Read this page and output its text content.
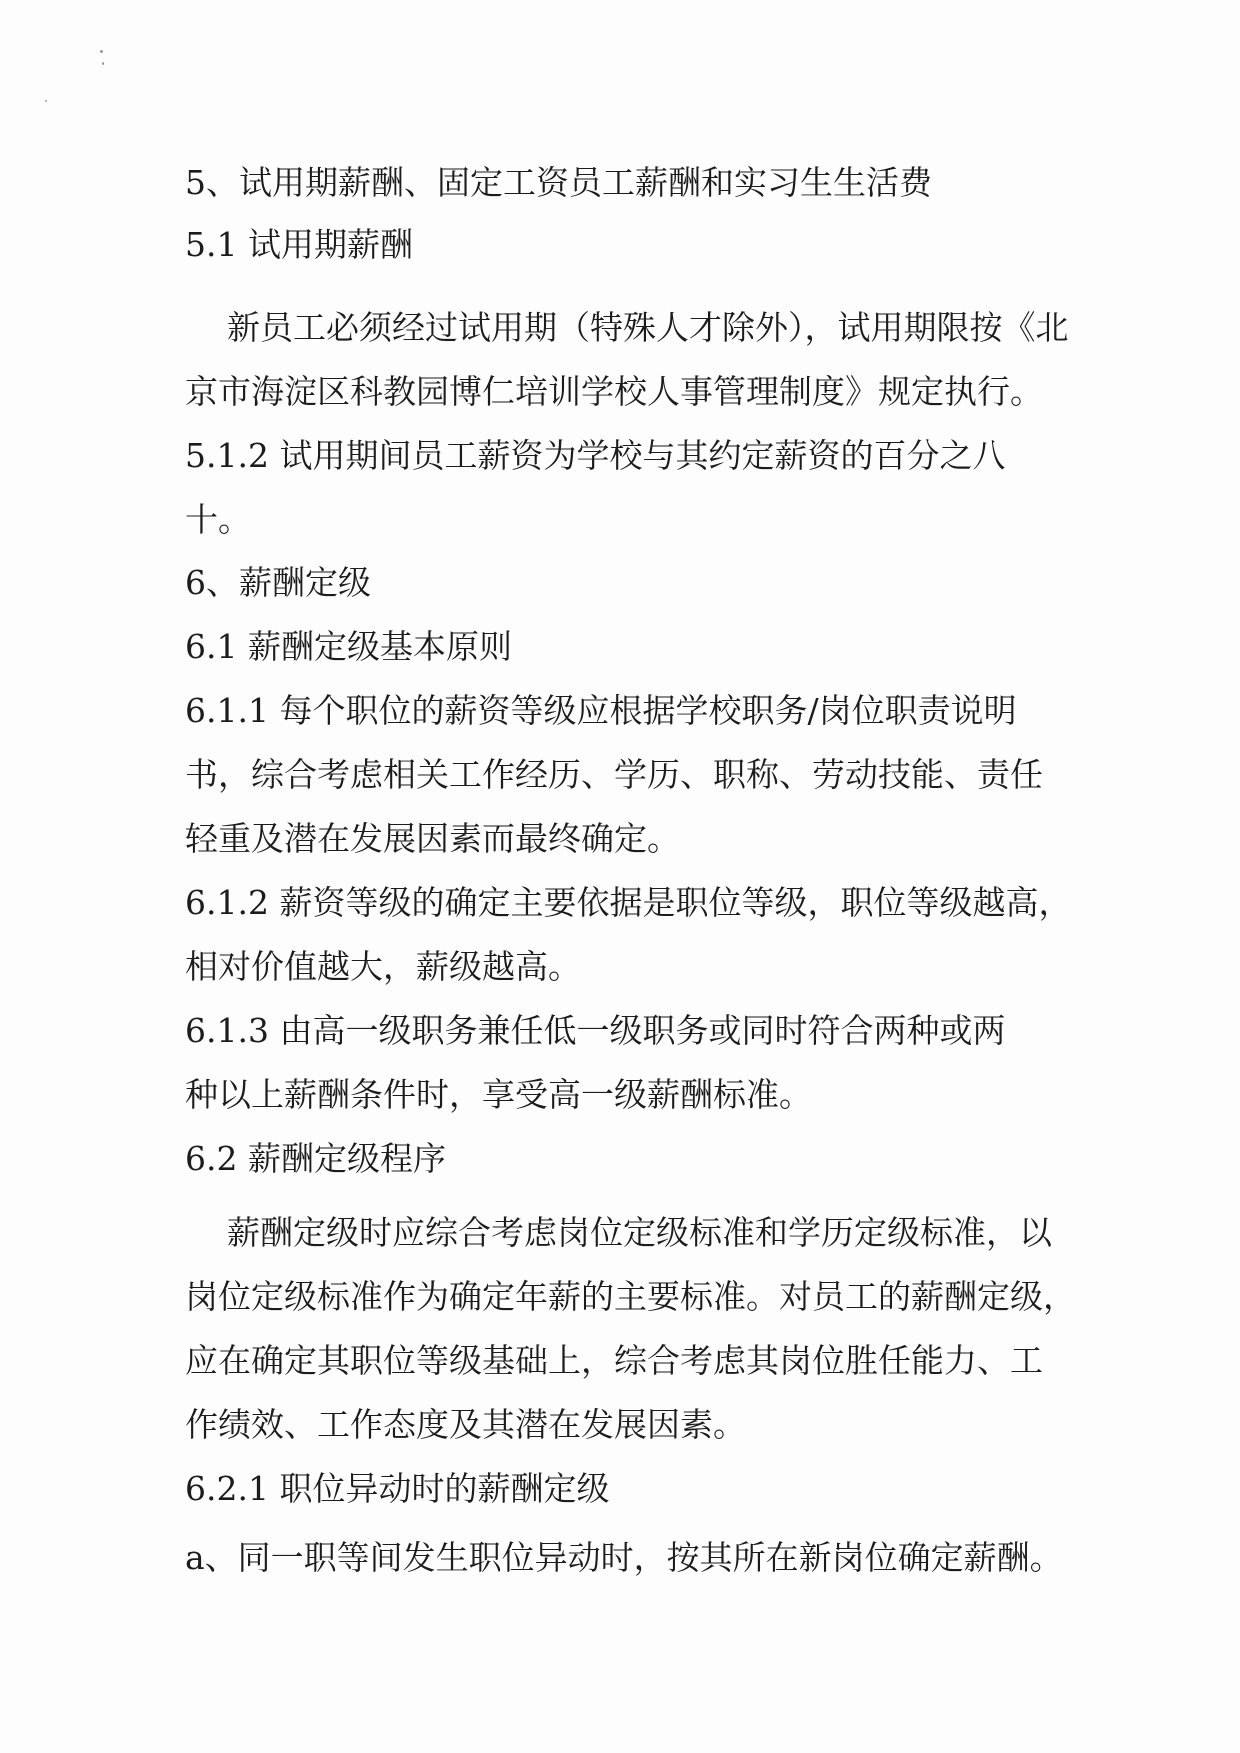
5、试用期薪酬、固定工资员工薪酬和实习生生活费
5.1 试用期薪酬
新员工必须经过试用期（特殊人才除外），试用期限按《北
京市海淀区科教园博仁培训学校人事管理制度》规定执行。
5.1.2 试用期间员工薪资为学校与其约定薪资的百分之八
十。
6、薪酬定级
6.1 薪酬定级基本原则
6.1.1 每个职位的薪资等级应根据学校职务/岗位职责说明
书，综合考虑相关工作经历、学历、职称、劳动技能、责任
轻重及潜在发展因素而最终确定。
6.1.2 薪资等级的确定主要依据是职位等级，职位等级越高，
相对价值越大，薪级越高。
6.1.3 由高一级职务兼任低一级职务或同时符合两种或两
种以上薪酬条件时，享受高一级薪酬标准。
6.2 薪酬定级程序
薪酬定级时应综合考虑岗位定级标准和学历定级标准，以
岗位定级标准作为确定年薪的主要标准。对员工的薪酬定级，
应在确定其职位等级基础上，综合考虑其岗位胜任能力、工
作绩效、工作态度及其潜在发展因素。
6.2.1 职位异动时的薪酬定级
a、同一职等间发生职位异动时，按其所在新岗位确定薪酬。
